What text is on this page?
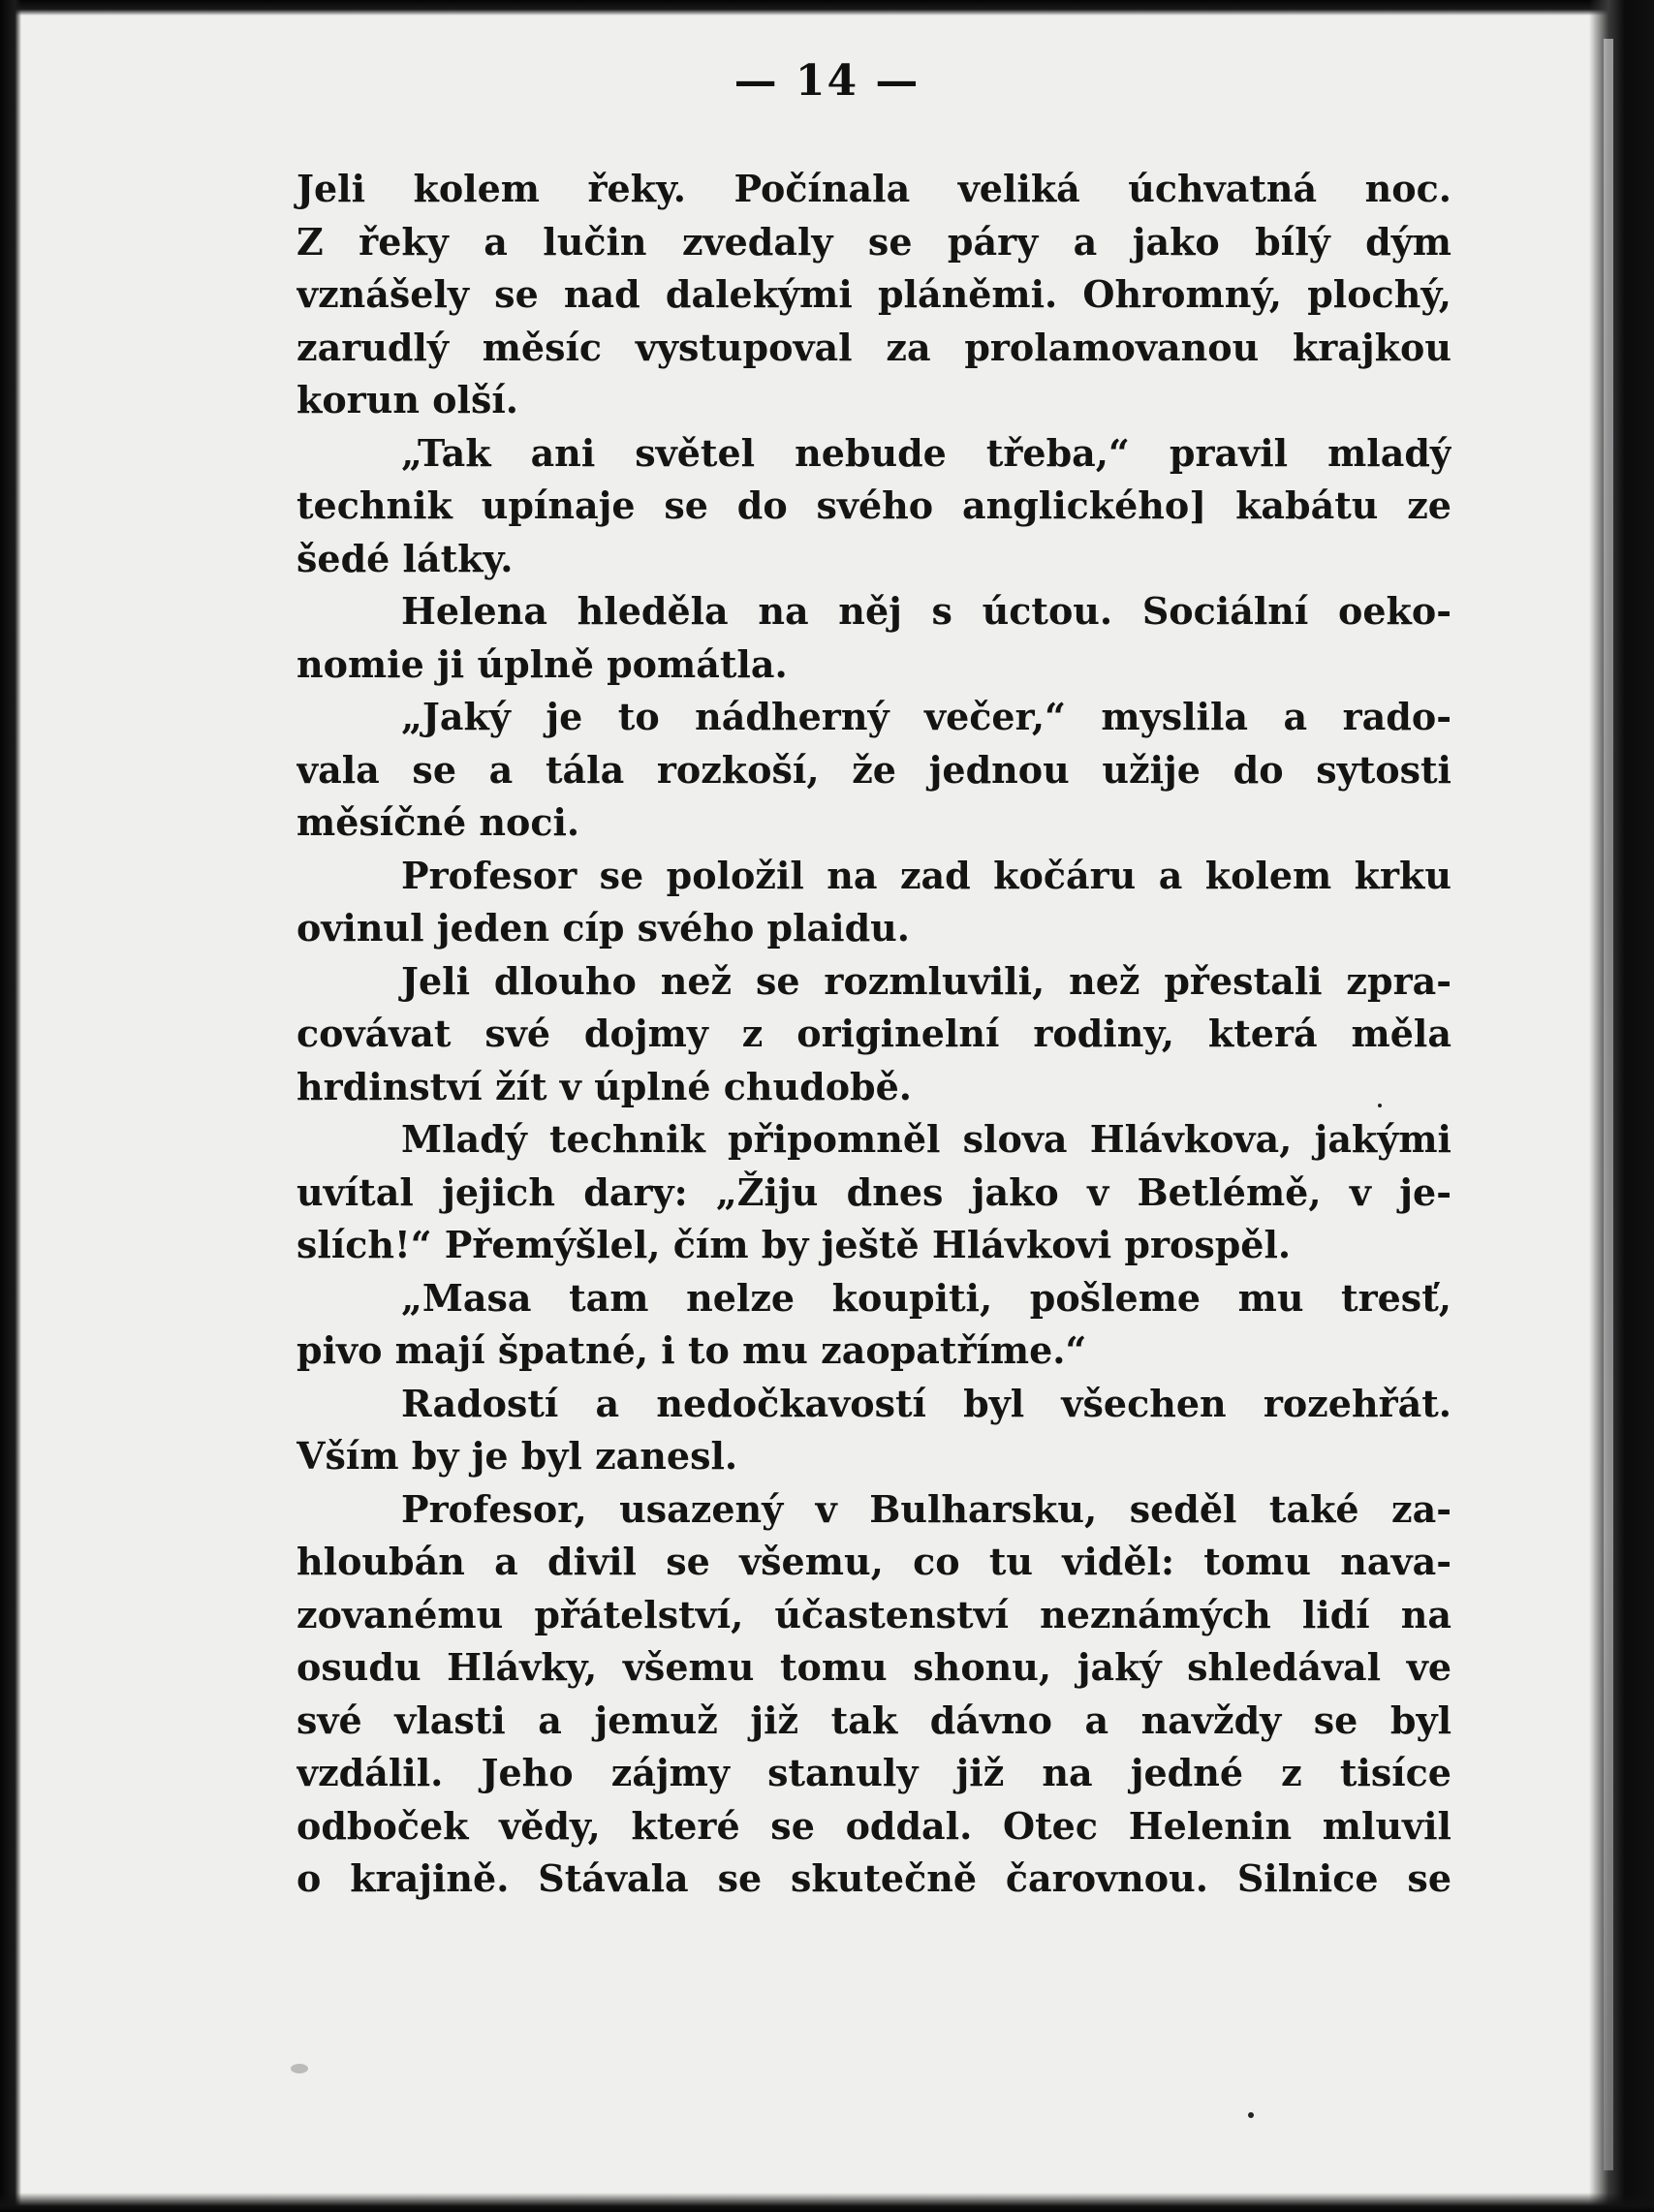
— 14 —
Jeli kolem řeky. Počínala veliká úchvatná noc.
Z řeky a lučin zvedaly se páry a jako bílý dým
vznášely se nad dalekými pláněmi. Ohromný, plochý,
zarudlý měsíc vystupoval za prolamovanou krajkou
korun olší.
„Tak ani světel nebude třeba,“ pravil mladý
technik upínaje se do svého anglického] kabátu ze
šedé látky.
Helena hleděla na něj s úctou. Sociální oeko-
nomie ji úplně pomátla.
„Jaký je to nádherný večer,“ myslila a rado-
vala se a tála rozkoší, že jednou užije do sytosti
měsíčné noci.
Profesor se položil na zad kočáru a kolem krku
ovinul jeden cíp svého plaidu.
Jeli dlouho než se rozmluvili, než přestali zpra-
covávat své dojmy z originelní rodiny, která měla
hrdinství žít v úplné chudobě.
Mladý technik připomněl slova Hlávkova, jakými
uvítal jejich dary: „Žiju dnes jako v Betlémě, v je-
slích!“ Přemýšlel, čím by ještě Hlávkovi prospěl.
„Masa tam nelze koupiti, pošleme mu tresť,
pivo mají špatné, i to mu zaopatříme.“
Radostí a nedočkavostí byl všechen rozehřát.
Vším by je byl zanesl.
Profesor, usazený v Bulharsku, seděl také za-
hloubán a divil se všemu, co tu viděl: tomu nava-
zovanému přátelství, účastenství neznámých lidí na
osudu Hlávky, všemu tomu shonu, jaký shledával ve
své vlasti a jemuž již tak dávno a navždy se byl
vzdálil. Jeho zájmy stanuly již na jedné z tisíce
odboček vědy, které se oddal. Otec Helenin mluvil
o krajině. Stávala se skutečně čarovnou. Silnice se
